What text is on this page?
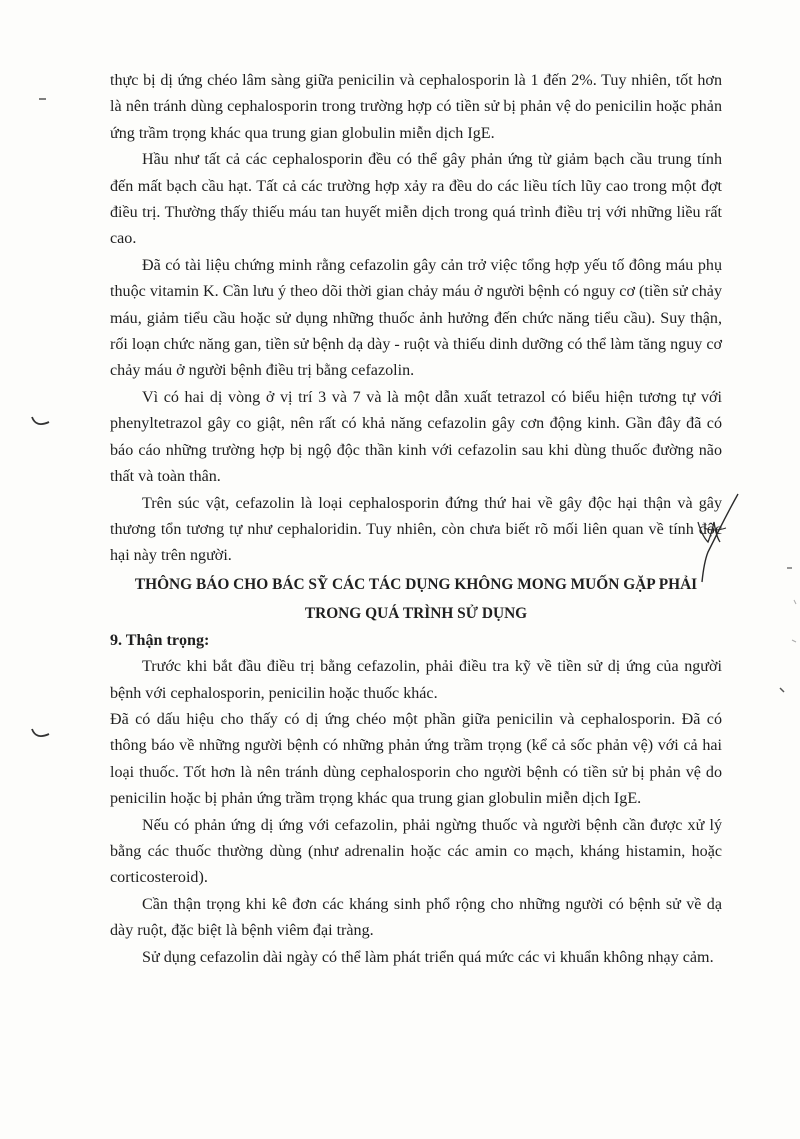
thực bị dị ứng chéo lâm sàng giữa penicilin và cephalosporin là 1 đến 2%. Tuy nhiên, tốt hơn là nên tránh dùng cephalosporin trong trường hợp có tiền sử bị phản vệ do penicilin hoặc phản ứng trầm trọng khác qua trung gian globulin miễn dịch IgE.

Hầu như tất cả các cephalosporin đều có thể gây phản ứng từ giảm bạch cầu trung tính đến mất bạch cầu hạt. Tất cả các trường hợp xảy ra đều do các liều tích lũy cao trong một đợt điều trị. Thường thấy thiếu máu tan huyết miễn dịch trong quá trình điều trị với những liều rất cao.

Đã có tài liệu chứng minh rằng cefazolin gây cản trở việc tổng hợp yếu tố đông máu phụ thuộc vitamin K. Cần lưu ý theo dõi thời gian chảy máu ở người bệnh có nguy cơ (tiền sử chảy máu, giảm tiểu cầu hoặc sử dụng những thuốc ảnh hưởng đến chức năng tiểu cầu). Suy thận, rối loạn chức năng gan, tiền sử bệnh dạ dày - ruột và thiếu dinh dưỡng có thể làm tăng nguy cơ chảy máu ở người bệnh điều trị bằng cefazolin.

Vì có hai dị vòng ở vị trí 3 và 7 và là một dẫn xuất tetrazol có biểu hiện tương tự với phenyltetrazol gây co giật, nên rất có khả năng cefazolin gây cơn động kinh. Gần đây đã có báo cáo những trường hợp bị ngộ độc thần kinh với cefazolin sau khi dùng thuốc đường não thất và toàn thân.

Trên súc vật, cefazolin là loại cephalosporin đứng thứ hai về gây độc hại thận và gây thương tổn tương tự như cephaloridin. Tuy nhiên, còn chưa biết rõ mối liên quan về tính độc hại này trên người.

THÔNG BÁO CHO BÁC SỸ CÁC TÁC DỤNG KHÔNG MONG MUỐN GẶP PHẢI TRONG QUÁ TRÌNH SỬ DỤNG

9. Thận trọng:

Trước khi bắt đầu điều trị bằng cefazolin, phải điều tra kỹ về tiền sử dị ứng của người bệnh với cephalosporin, penicilin hoặc thuốc khác.

Đã có dấu hiệu cho thấy có dị ứng chéo một phần giữa penicilin và cephalosporin. Đã có thông báo về những người bệnh có những phản ứng trầm trọng (kể cả sốc phản vệ) với cả hai loại thuốc. Tốt hơn là nên tránh dùng cephalosporin cho người bệnh có tiền sử bị phản vệ do penicilin hoặc bị phản ứng trầm trọng khác qua trung gian globulin miễn dịch IgE.

Nếu có phản ứng dị ứng với cefazolin, phải ngừng thuốc và người bệnh cần được xử lý bằng các thuốc thường dùng (như adrenalin hoặc các amin co mạch, kháng histamin, hoặc corticosteroid).

Cần thận trọng khi kê đơn các kháng sinh phổ rộng cho những người có bệnh sử về dạ dày ruột, đặc biệt là bệnh viêm đại tràng.

Sử dụng cefazolin dài ngày có thể làm phát triển quá mức các vi khuẩn không nhạy cảm.
